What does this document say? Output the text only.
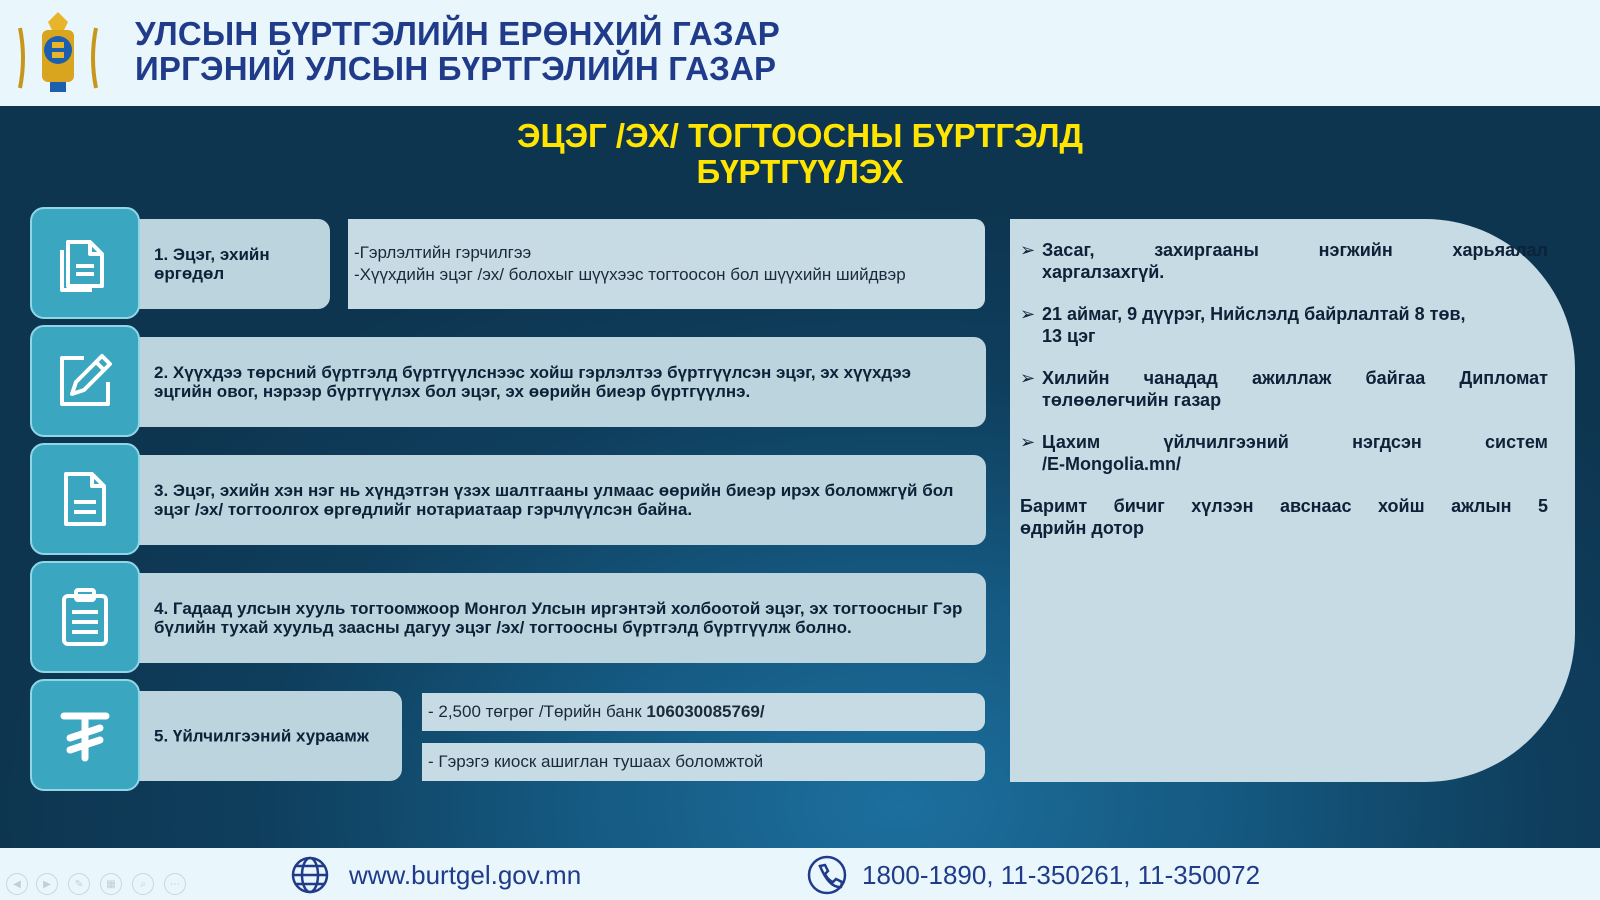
УЛСЫН БҮРТГЭЛИЙН ЕРӨНХИЙ ГАЗАР
ИРГЭНИЙ УЛСЫН БҮРТГЭЛИЙН ГАЗАР
ЭЦЭГ /ЭХ/ ТОГТООСНЫ БҮРТГЭЛД
БҮРТГҮҮЛЭХ
1. Эцэг, эхийн өргөдөл
-Гэрлэлтийн гэрчилгээ
-Хүүхдийн эцэг /эх/ болохыг шүүхээс тогтоосон бол шүүхийн шийдвэр
2. Хүүхдээ төрсний бүртгэлд бүртгүүлснээс хойш гэрлэлтээ бүртгүүлсэн эцэг, эх хүүхдээ эцгийн овог, нэрээр бүртгүүлэх бол эцэг, эх өөрийн биеэр бүртгүүлнэ.
3. Эцэг, эхийн хэн нэг нь хүндэтгэн үзэх шалтгааны улмаас өөрийн биеэр ирэх боломжгүй бол эцэг /эх/ тогтоолгох өргөдлийг нотариатаар гэрчлүүлсэн байна.
4. Гадаад улсын хууль тогтоомжоор Монгол Улсын иргэнтэй холбоотой эцэг, эх тогтоосныг Гэр бүлийн тухай хуульд заасны дагуу эцэг /эх/ тогтоосны бүртгэлд бүртгүүлж болно.
5. Үйлчилгээний хураамж
- 2,500 төгрөг /Төрийн банк 106030085769/
- Гэрэгэ киоск ашиглан тушаах боломжтой
➢ Засаг, захиргааны нэгжийн харьяалал
харгалзахгүй.
➢ 21 аймаг, 9 дүүрэг, Нийслэлд байрлалтай 8 төв,
13 цэг
➢ Хилийн чанадад ажиллаж байгаа Дипломат
төлөөлөгчийн газар
➢ Цахим үйлчилгээний нэгдсэн систем
/E-Mongolia.mn/
Баримт бичиг хүлээн авснаас хойш ажлын 5
өдрийн дотор
www.burtgel.gov.mn	1800-1890, 11-350261, 11-350072
◀	▶	✎	▦	⌕	⋯
